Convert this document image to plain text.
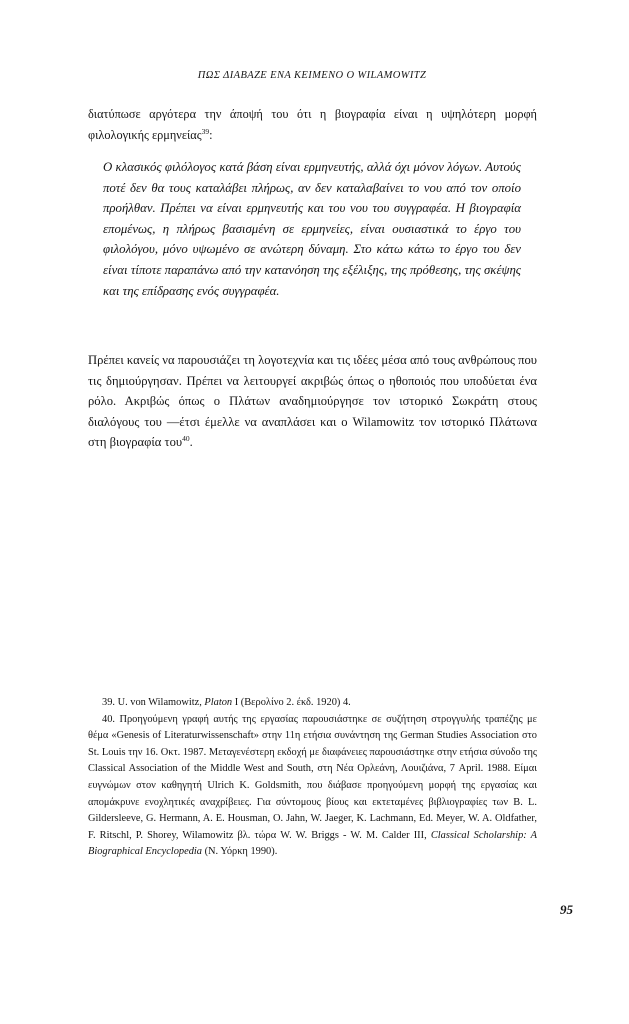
ΠΩΣ ΔΙΑΒΑΖΕ ΕΝΑ ΚΕΙΜΕΝΟ Ο WILAMOWITZ

διατύπωσε αργότερα την άποψή του ότι η βιογραφία είναι η υψηλότερη μορφή φιλολογικής ερμηνείας$^{39}$:

Ο κλασικός φιλόλογος κατά βάση είναι ερμηνευτής, αλλά όχι μόνον λόγων. Αυτούς ποτέ δεν θα τους καταλάβει πλήρως, αν δεν καταλαβαίνει το νου από τον οποίο προήλθαν. Πρέπει να είναι ερμηνευτής και του νου του συγγραφέα. Η βιογραφία επομένως, η πλήρως βασισμένη σε ερμηνείες, είναι ουσιαστικά το έργο του φιλολόγου, μόνο υψωμένο σε ανώτερη δύναμη. Στο κάτω κάτω το έργο του δεν είναι τίποτε παραπάνω από την κατανόηση της εξέλιξης, της πρόθεσης, της σκέψης και της επίδρασης ενός συγγραφέα.

Πρέπει κανείς να παρουσιάζει τη λογοτεχνία και τις ιδέες μέσα από τους ανθρώπους που τις δημιούργησαν. Πρέπει να λειτουργεί ακριβώς όπως ο ηθοποιός που υποδύεται ένα ρόλο. Ακριβώς όπως ο Πλάτων αναδημιούργησε τον ιστορικό Σωκράτη στους διαλόγους του —έτσι έμελλε να αναπλάσει και ο Wilamowitz τον ιστορικό Πλάτωνα στη βιογραφία του$^{40}$.

39. U. von Wilamowitz, Platon I (Βερολίνο 2. έκδ. 1920) 4.

40. Προηγούμενη γραφή αυτής της εργασίας παρουσιάστηκε σε συζήτηση στρογγυλής τραπέζης με θέμα «Genesis of Literaturwissenschaft» στην 11η ετήσια συνάντηση της German Studies Association στο St. Louis την 16. Οκτ. 1987. Μεταγενέστερη εκδοχή με διαφάνειες παρουσιάστηκε στην ετήσια σύνοδο της Classical Association of the Middle West and South, στη Νέα Ορλεάνη, Λουιζιάνα, 7 April. 1988. Είμαι ευγνώμων στον καθηγητή Ulrich K. Goldsmith, που διάβασε προηγούμενη μορφή της εργασίας και απομάκρυνε ενοχλητικές αναχρίβειες. Για σύντομους βίους και εκτεταμένες βιβλιογραφίες των B. L. Gildersleeve, G. Hermann, A. E. Housman, O. Jahn, W. Jaeger, K. Lachmann, Ed. Meyer, W. A. Oldfather, F. Ritschl, P. Shorey, Wilamowitz βλ. τώρα W. W. Briggs - W. M. Calder III, Classical Scholarship: A Biographical Encyclopedia (Ν. Υόρκη 1990).

95
